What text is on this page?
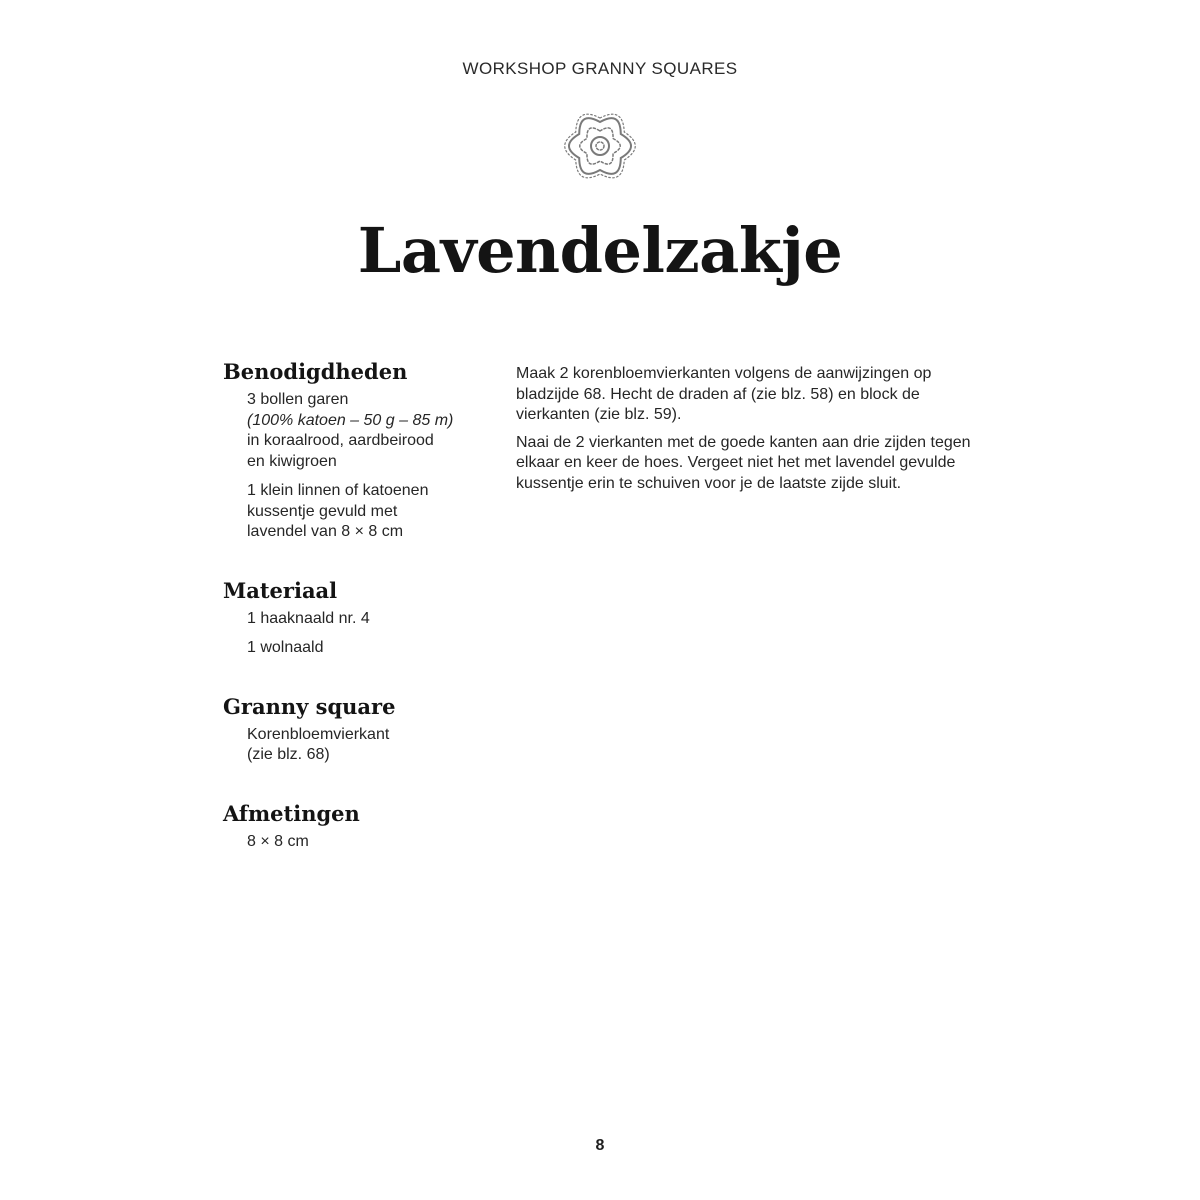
WORKSHOP GRANNY SQUARES
Lavendelzakje
Benodigdheden
3 bollen garen
(100% katoen – 50 g – 85 m)
in koraalrood, aardbeirood
en kiwigroen
1 klein linnen of katoenen
kussentje gevuld met
lavendel van 8 × 8 cm
Materiaal
1 haaknaald nr. 4
1 wolnaald
Granny square
Korenbloemvierkant
(zie blz. 68)
Afmetingen
8 × 8 cm

Maak 2 korenbloemvierkanten volgens de aanwijzingen op
bladzijde 68. Hecht de draden af (zie blz. 58) en block de
vierkanten (zie blz. 59).

Naai de 2 vierkanten met de goede kanten aan drie zijden tegen
elkaar en keer de hoes. Vergeet niet het met lavendel gevulde
kussentje erin te schuiven voor je de laatste zijde sluit.

8
